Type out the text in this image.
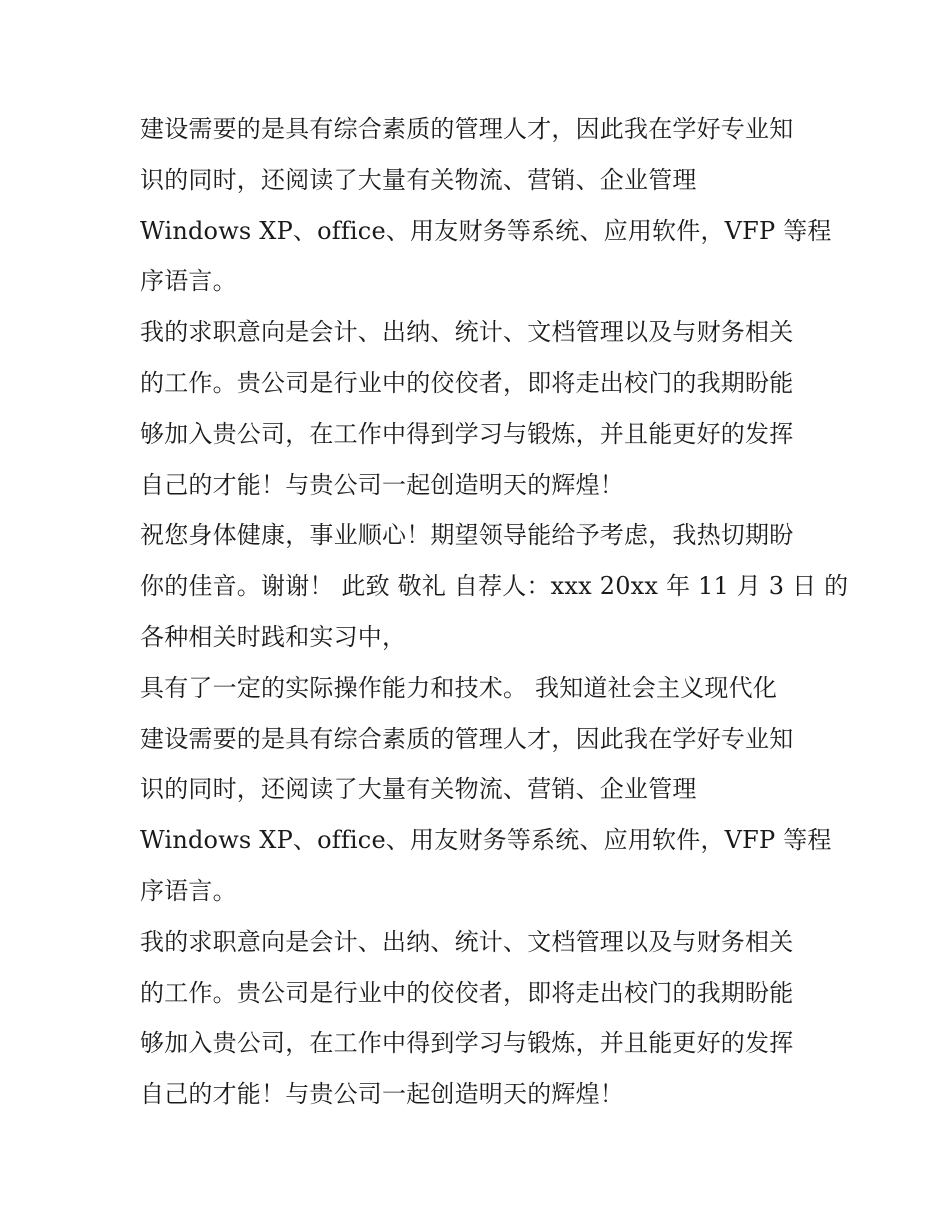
建设需要的是具有综合素质的管理人才，因此我在学好专业知
识的同时，还阅读了大量有关物流、营销、企业管理
Windows XP、office、用友财务等系统、应用软件，VFP 等程
序语言。
我的求职意向是会计、出纳、统计、文档管理以及与财务相关
的工作。贵公司是行业中的佼佼者，即将走出校门的我期盼能
够加入贵公司，在工作中得到学习与锻炼，并且能更好的发挥
自己的才能！与贵公司一起创造明天的辉煌！
祝您身体健康，事业顺心！期望领导能给予考虑，我热切期盼
你的佳音。谢谢！ 此致 敬礼 自荐人：xxx 20xx 年 11 月 3 日 的
各种相关时践和实习中，
具有了一定的实际操作能力和技术。 我知道社会主义现代化
建设需要的是具有综合素质的管理人才，因此我在学好专业知
识的同时，还阅读了大量有关物流、营销、企业管理
Windows XP、office、用友财务等系统、应用软件，VFP 等程
序语言。
我的求职意向是会计、出纳、统计、文档管理以及与财务相关
的工作。贵公司是行业中的佼佼者，即将走出校门的我期盼能
够加入贵公司，在工作中得到学习与锻炼，并且能更好的发挥
自己的才能！与贵公司一起创造明天的辉煌！
